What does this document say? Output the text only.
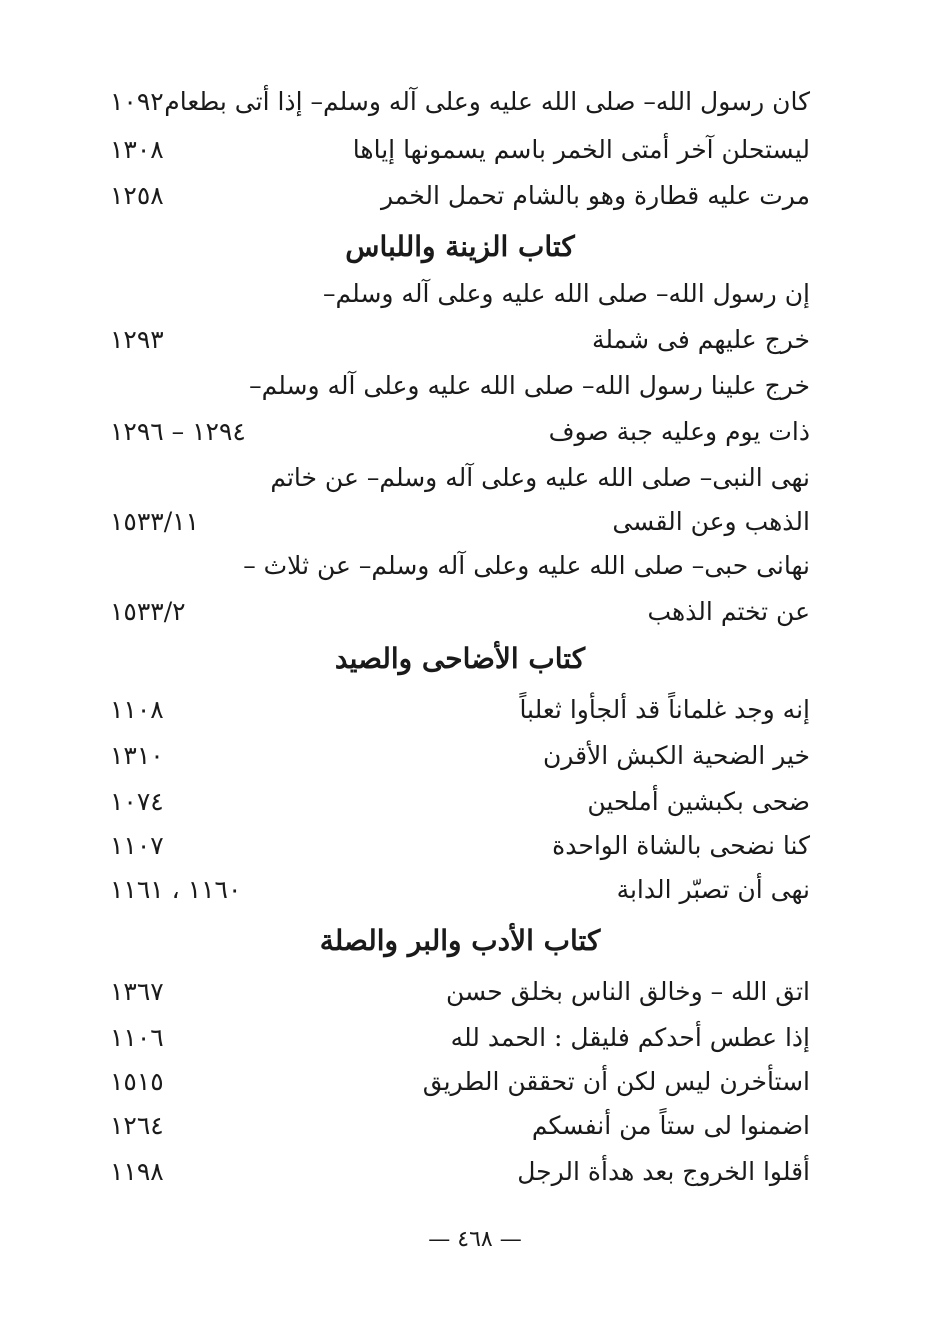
كان رسول الله– صلى الله عليه وعلى آله وسلم– إذا أتى بطعام
١٠٩٢
ليستحلن آخر أمتى الخمر باسم يسمونها إياها
١٣٠٨
مرت عليه قطارة وهو بالشام تحمل الخمر
١٢٥٨
كتاب الزينة واللباس
إن رسول الله– صلى الله عليه وعلى آله وسلم–
خرج عليهم فى شملة
١٢٩٣
خرج علينا رسول الله– صلى الله عليه وعلى آله وسلم–
ذات يوم وعليه جبة صوف
١٢٩٤ – ١٢٩٦
نهى النبى– صلى الله عليه وعلى آله وسلم– عن خاتم
الذهب وعن القسى
١٥٣٣/١١
نهانى حبى– صلى الله عليه وعلى آله وسلم– عن ثلاث –
عن تختم الذهب
١٥٣٣/٢
كتاب الأضاحى والصيد
إنه وجد غلماناً قد ألجأوا ثعلباً
١١٠٨
خير الضحية الكبش الأقرن
١٣١٠
ضحى بكبشين أملحين
١٠٧٤
كنا نضحى بالشاة الواحدة
١١٠٧
نهى أن تصبّر الدابة
١١٦٠ ، ١١٦١
كتاب الأدب والبر والصلة
اتق الله – وخالق الناس بخلق حسن
١٣٦٧
إذا عطس أحدكم فليقل : الحمد لله
١١٠٦
استأخرن ليس لكن أن تحققن الطريق
١٥١٥
اضمنوا لى ستاً من أنفسكم
١٢٦٤
أقلوا الخروج بعد هدأة الرجل
١١٩٨
— ٤٦٨ —
